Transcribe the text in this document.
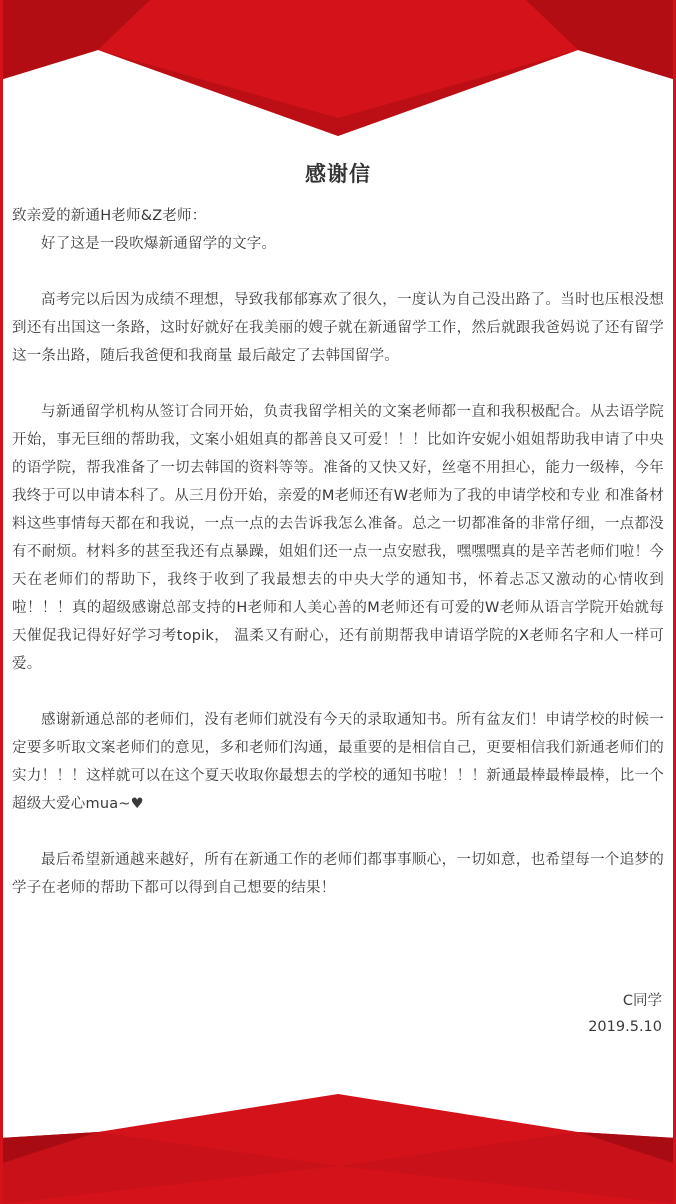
感谢信

致亲爱的新通H老师&Z老师：

好了这是一段吹爆新通留学的文字。

高考完以后因为成绩不理想，导致我郁郁寡欢了很久，一度认为自己没出路了。当时也压根没想到还有出国这一条路，这时好就好在我美丽的嫂子就在新通留学工作，然后就跟我爸妈说了还有留学这一条出路，随后我爸便和我商量 最后敲定了去韩国留学。

与新通留学机构从签订合同开始，负责我留学相关的文案老师都一直和我积极配合。从去语学院开始，事无巨细的帮助我，文案小姐姐真的都善良又可爱！！！比如许安妮小姐姐帮助我申请了中央的语学院，帮我准备了一切去韩国的资料等等。准备的又快又好，丝毫不用担心，能力一级棒，今年我终于可以申请本科了。从三月份开始，亲爱的M老师还有W老师为了我的申请学校和专业 和准备材料这些事情每天都在和我说，一点一点的去告诉我怎么准备。总之一切都准备的非常仔细，一点都没有不耐烦。材料多的甚至我还有点暴躁，姐姐们还一点一点安慰我，嘿嘿嘿真的是辛苦老师们啦！今天在老师们的帮助下，我终于收到了我最想去的中央大学的通知书，怀着忐忑又激动的心情收到啦！！！真的超级感谢总部支持的H老师和人美心善的M老师还有可爱的W老师从语言学院开始就每天催促我记得好好学习考topik， 温柔又有耐心，还有前期帮我申请语学院的X老师名字和人一样可爱。

感谢新通总部的老师们，没有老师们就没有今天的录取通知书。所有盆友们！申请学校的时候一定要多听取文案老师们的意见，多和老师们沟通，最重要的是相信自己，更要相信我们新通老师们的实力！！！这样就可以在这个夏天收取你最想去的学校的通知书啦！！！新通最棒最棒最棒，比一个超级大爱心mua~♥

最后希望新通越来越好，所有在新通工作的老师们都事事顺心，一切如意，也希望每一个追梦的学子在老师的帮助下都可以得到自己想要的结果！

C同学
2019.5.10
